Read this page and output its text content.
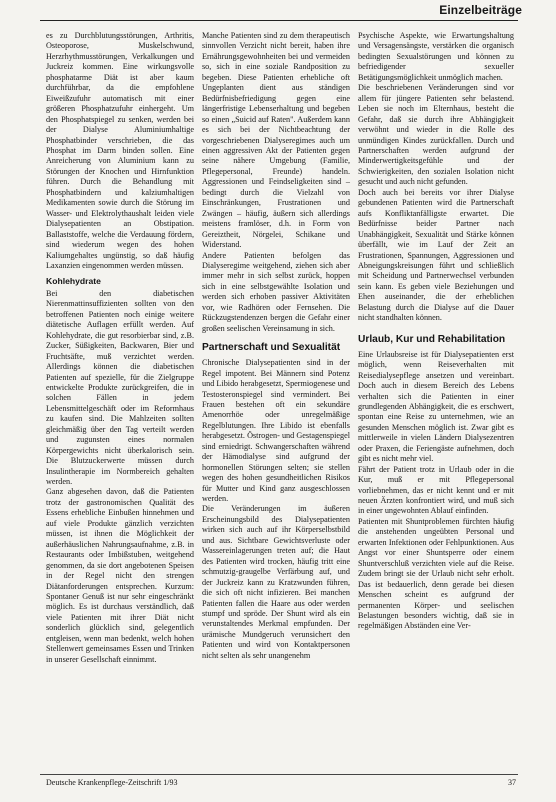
Einzelbeiträge

es zu Durchblutungsstörungen, Arthritis, Osteoporose, Muskelschwund, Herzrhythmusstörungen, Verkalkungen und Juckreiz kommen. Eine wirkungsvolle phosphatarme Diät ist aber kaum durchführbar, da die empfohlene Eiweißzufuhr automatisch mit einer größeren Phosphatzufuhr einhergeht. Um den Phosphatspiegel zu senken, werden bei der Dialyse Aluminiumhaltige Phosphatbinder verschrieben, die das Phosphat im Darm binden sollen. Eine Anreicherung von Aluminium kann zu Störungen der Knochen und Hirnfunktion führen. Durch die Behandlung mit Phosphatbindern und kalziumhaltigen Medikamenten sowie durch die Störung im Wasser- und Elektrolythaushalt leiden viele Dialysepatienten an Obstipation. Ballaststoffe, welche die Verdauung fördern, sind wiederum wegen des hohen Kaliumgehaltes ungünstig, so daß häufig Laxanzien eingenommen werden müssen.

Kohlehydrate

Bei den diabetischen Nierenmattinsuffizienten sollten von den betroffenen Patienten noch einige weitere diätetische Auflagen erfüllt werden. Auf Kohlehydrate, die gut resorbierbar sind, z.B. Zucker, Süßigkeiten, Backwaren, Bier und Fruchtsäfte, muß verzichtet werden. Allerdings können die diabetischen Patienten auf spezielle, für die Zielgruppe entwickelte Produkte zurückgreifen, die in solchen Fällen in jedem Lebensmittelgeschäft oder im Reformhaus zu kaufen sind. Die Mahlzeiten sollten gleichmäßig über den Tag verteilt werden und zugunsten eines normalen Körpergewichts nicht überkalorisch sein. Die Blutzuckerwerte müssen durch Insulintherapie im Normbereich gehalten werden.

Ganz abgesehen davon, daß die Patienten trotz der gastronomischen Qualität des Essens erhebliche Einbußen hinnehmen und auf viele Produkte gänzlich verzichten müssen, ist ihnen die Möglichkeit der außerhäuslichen Nahrungsaufnahme, z.B. in Restaurants oder Imbißstuben, weitgehend genommen, da sie dort angebotenen Speisen in der Regel nicht den strengen Diätanforderungen entsprechen. Kurzum: Spontaner Genuß ist nur sehr eingeschränkt möglich. Es ist durchaus verständlich, daß viele Patienten mit ihrer Diät nicht sonderlich glücklich sind, gelegentlich entgleisen, wenn man bedenkt, welch hohen Stellenwert gemeinsames Essen und Trinken in unserer Gesellschaft einnimmt.

Manche Patienten sind zu dem therapeutisch sinnvollen Verzicht nicht bereit, haben ihre Ernährungsgewohnheiten bei und vermeiden so, sich in eine soziale Randposition zu begeben. Diese Patienten erhebliche oft Ungeplanten dient aus ständigen Bedürfnisbefriedigung gegen eine längerfristige Lebenserhaltung und begeben so einen „Suicid auf Raten". Außerdem kann es sich bei der Nichtbeachtung der vorgeschriebenen Dialyseregimes auch um einen aggressiven Akt der Patienten gegen seine nähere Umgebung (Familie, Pflegepersonal, Freunde) handeln. Aggressionen und Feindseligkeiten sind – bedingt durch die Vielzahl von Einschränkungen, Frustrationen und Zwängen – häufig, äußern sich allerdings meistens framlöser, d.h. in Form von Gereiztheit, Nörgelei, Schikane und Widerstand.

Andere Patienten befolgen das Dialyseregime weitgehend, ziehen sich aber immer mehr in sich selbst zurück, hoppen sich in eine selbstgewählte Isolation und werden sich erhoben passiver Aktivitäten vor, wie Radhören oder Fernsehen. Die Rückzugstendenzen bergen die Gefahr einer großen seelischen Vereinsamung in sich.

Partnerschaft und Sexualität

Chronische Dialysepatienten sind in der Regel impotent. Bei Männern sind Potenz und Libido herabgesetzt, Spermiogenese und Testosteronspiegel sind vermindert. Bei Frauen bestehen oft ein sekundäre Amenorrhöe oder unregelmäßige Regelblutungen. Ihre Libido ist ebenfalls herabgesetzt. Östrogen- und Gestagenspiegel sind erniedrigt. Schwangerschaften während der Hämodialyse sind aufgrund der hormonellen Störungen selten; sie stellen wegen des hohen gesundheitlichen Risikos für Mutter und Kind ganz ausgeschlossen werden.

Die Veränderungen im äußeren Erscheinungsbild des Dialysepatienten wirken sich auch auf ihr Körperselbstbild und aus. Sichtbare Gewichtsverluste oder Wassereinlagerungen treten auf; die Haut des Patienten wird trocken, häufig tritt eine schmutzig-graugelbe Verfärbung auf, und der Juckreiz kann zu Kratzwunden führen, die sich oft nicht infizieren. Bei manchen Patienten fallen die Haare aus oder werden stumpf und spröde. Der Shunt wird als ein verunstaltendes Merkmal empfunden. Der urämische Mundgeruch verunsichert den Patienten und wird von Kontaktpersonen nicht selten als sehr unangenehm

Psychische Aspekte, wie Erwartungshaltung und Versagensängste, verstärken die organisch bedingten Sexualstörungen und können zu befriedigender sexueller Betätigungsmöglichkeit unmöglich machen.

Die beschriebenen Veränderungen sind vor allem für jüngere Patienten sehr belastend. Leben sie noch im Elternhaus, besteht die Gefahr, daß sie durch ihre Abhängigkeit verwöhnt und wieder in die Rolle des unmündigen Kindes zurückfallen. Durch und Partnerschaften werden aufgrund der Minderwertigkeitsgefühle und der Schwierigkeiten, den sozialen Isolation nicht gesucht und auch nicht gefunden.

Doch auch bei bereits vor ihrer Dialyse gebundenen Patienten wird die Partnerschaft aufs Konfliktanfälligste erwartet. Die Bedürfnisse beider Partner nach Unabhängigkeit, Sexualität und Stärke können überfällt, wie im Lauf der Zeit an Frustrationen, Spannungen, Aggressionen und Abneigungskreisungen führt und schließlich mit Scheidung und Partnerwechsel verbunden sein kann. Es geben viele Beziehungen und Ehen auseinander, die der erheblichen Belastung durch die Dialyse auf die Dauer nicht standhalten können.

Urlaub, Kur und Rehabilitation

Eine Urlaubsreise ist für Dialysepatienten erst möglich, wenn Reiseverhalten mit Reisedialysepflege ansetzen und vereinbart. Doch auch in diesem Bereich des Lebens verhalten sich die Patienten in einer grundlegenden Abhängigkeit, die es erschwert, spontan eine Reise zu unternehmen, wie an gesunden Menschen möglich ist. Zwar gibt es mittlerweile in vielen Ländern Dialysezentren oder Praxen, die Feriengäste aufnehmen, doch gibt es nicht mehr viel.

Fährt der Patient trotz in Urlaub oder in die Kur, muß er mit Pflegepersonal vorliebnehmen, das er nicht kennt und er mit neuen Ärzten konfrontiert wird, und muß sich in einer ungewohnten Ablauf einfinden.

Patienten mit Shuntproblemen fürchten häufig die anstehenden ungeübten Personal und erwarten Infektionen oder Fehlpunktionen. Aus Angst vor einer Shuntsperre oder einem Shuntverschluß verzichten viele auf die Reise. Zudem bringt sie der Urlaub nicht sehr erholt. Das ist bedauerlich, denn gerade bei diesen Menschen scheint es aufgrund der permanenten Körper- und seelischen Belastungen besonders wichtig, daß sie in regelmäßigen Abständen eine Ver-

Deutsche Krankenpflege-Zeitschrift 1/93	37
